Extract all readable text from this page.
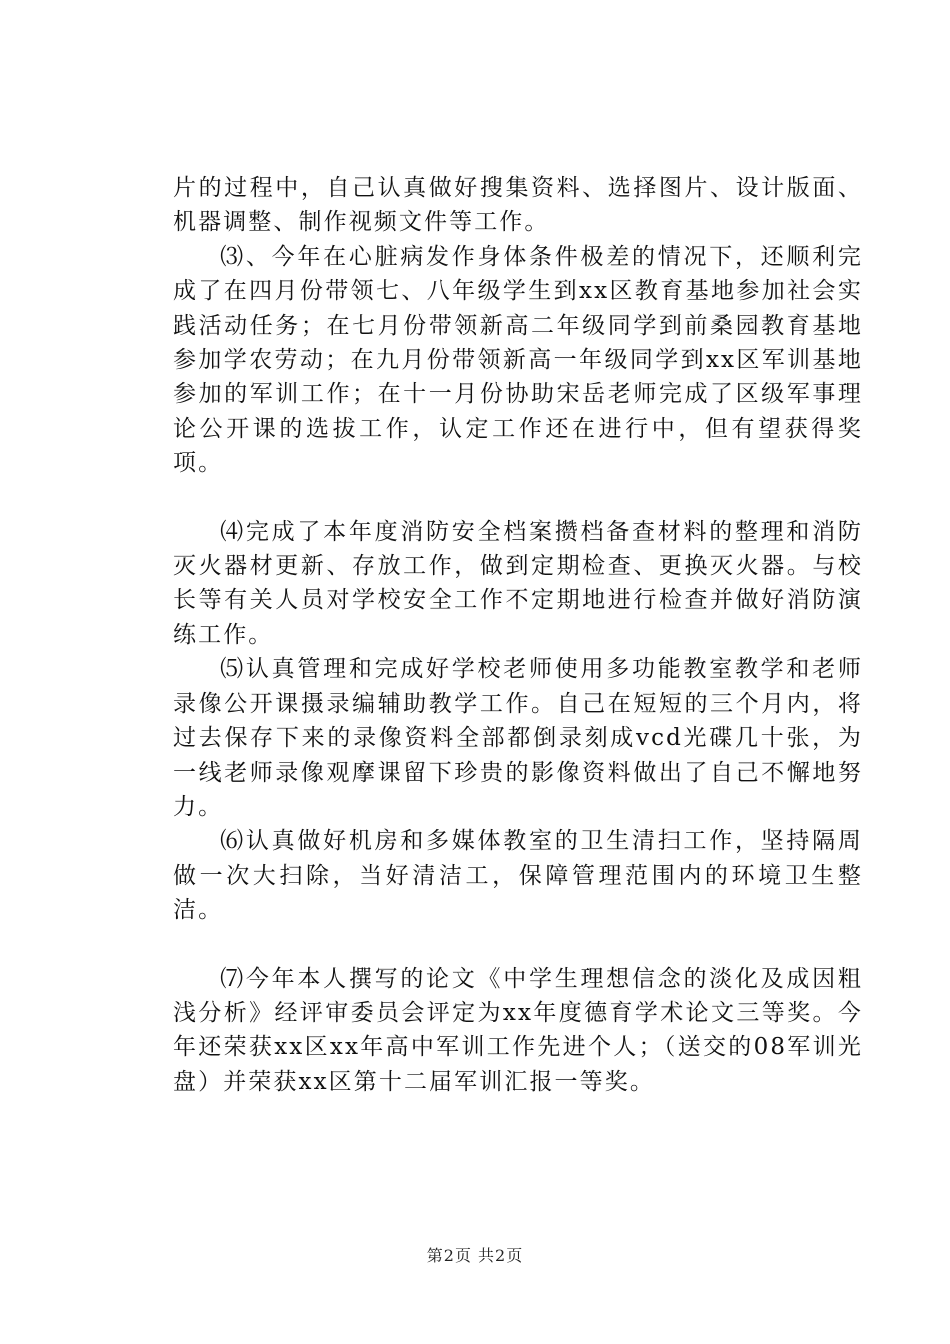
片的过程中，自己认真做好搜集资料、选择图片、设计版面、机器调整、制作视频文件等工作。

⑶、今年在心脏病发作身体条件极差的情况下，还顺利完成了在四月份带领七、八年级学生到xx区教育基地参加社会实践活动任务；在七月份带领新高二年级同学到前桑园教育基地参加学农劳动；在九月份带领新高一年级同学到xx区军训基地参加的军训工作；在十一月份协助宋岳老师完成了区级军事理论公开课的选拔工作，认定工作还在进行中，但有望获得奖项。

⑷完成了本年度消防安全档案攒档备查材料的整理和消防灭火器材更新、存放工作，做到定期检查、更换灭火器。与校长等有关人员对学校安全工作不定期地进行检查并做好消防演练工作。

⑸认真管理和完成好学校老师使用多功能教室教学和老师录像公开课摄录编辅助教学工作。自己在短短的三个月内，将过去保存下来的录像资料全部都倒录刻成vcd光碟几十张，为一线老师录像观摩课留下珍贵的影像资料做出了自己不懈地努力。

⑹认真做好机房和多媒体教室的卫生清扫工作，坚持隔周做一次大扫除，当好清洁工，保障管理范围内的环境卫生整洁。

⑺今年本人撰写的论文《中学生理想信念的淡化及成因粗浅分析》经评审委员会评定为xx年度德育学术论文三等奖。今年还荣获xx区xx年高中军训工作先进个人；（送交的08军训光盘）并荣获xx区第十二届军训汇报一等奖。

第2页 共2页
